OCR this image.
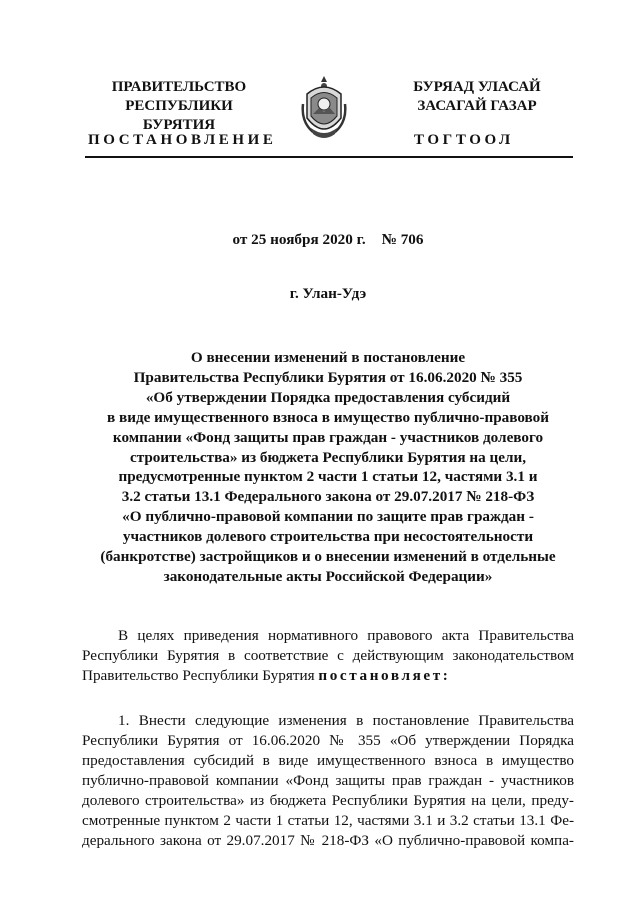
ПРАВИТЕЛЬСТВО
РЕСПУБЛИКИ БУРЯТИЯ
БУРЯАД УЛАСАЙ
ЗАСАГАЙ ГАЗАР
ПОСТАНОВЛЕНИЕ	ТОГТООЛ
от 25 ноября 2020 г. № 706
г. Улан-Удэ
О внесении изменений в постановление
Правительства Республики Бурятия от 16.06.2020 № 355
«Об утверждении Порядка предоставления субсидий
в виде имущественного взноса в имущество публично-правовой
компании «Фонд защиты прав граждан - участников долевого
строительства» из бюджета Республики Бурятия на цели,
предусмотренные пунктом 2 части 1 статьи 12, частями 3.1 и
3.2 статьи 13.1 Федерального закона от 29.07.2017 № 218-ФЗ
«О публично-правовой компании по защите прав граждан -
участников долевого строительства при несостоятельности
(банкротстве) застройщиков и о внесении изменений в отдельные
законодательные акты Российской Федерации»
В целях приведения нормативного правового акта Правительства
Республики Бурятия в соответствие с действующим законодательством
Правительство Республики Бурятия постановляет:
1. Внести следующие изменения в постановление Правительства
Республики Бурятия от 16.06.2020 № 355 «Об утверждении Порядка
предоставления субсидий в виде имущественного взноса в имущество
публично-правовой компании «Фонд защиты прав граждан - участников
долевого строительства» из бюджета Республики Бурятия на цели, преду-
смотренные пунктом 2 части 1 статьи 12, частями 3.1 и 3.2 статьи 13.1 Фе-
дерального закона от 29.07.2017 № 218-ФЗ «О публично-правовой компа-
